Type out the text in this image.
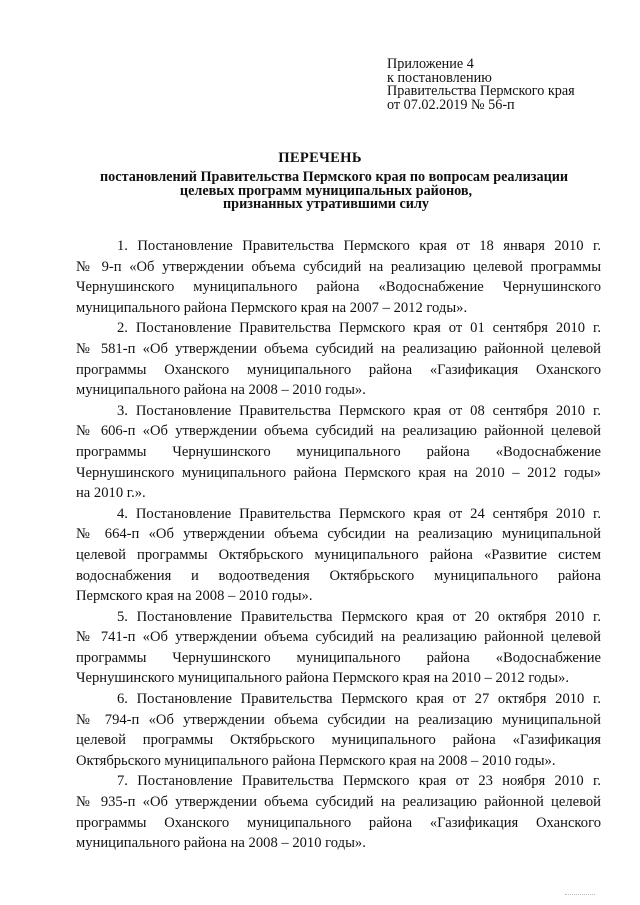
Приложение 4
к постановлению
Правительства Пермского края
от 07.02.2019 № 56-п
ПЕРЕЧЕНЬ
постановлений Правительства Пермского края по вопросам реализации
целевых программ муниципальных районов,
признанных утратившими силу
1. Постановление Правительства Пермского края от 18 января 2010 г.
№ 9-п «Об утверждении объема субсидий на реализацию целевой программы
Чернушинского муниципального района «Водоснабжение Чернушинского
муниципального района Пермского края на 2007 – 2012 годы».
2. Постановление Правительства Пермского края от 01 сентября 2010 г.
№ 581-п «Об утверждении объема субсидий на реализацию районной целевой
программы Оханского муниципального района «Газификация Оханского
муниципального района на 2008 – 2010 годы».
3. Постановление Правительства Пермского края от 08 сентября 2010 г.
№ 606-п «Об утверждении объема субсидий на реализацию районной целевой
программы Чернушинского муниципального района «Водоснабжение
Чернушинского муниципального района Пермского края на 2010 – 2012 годы»
на 2010 г.».
4. Постановление Правительства Пермского края от 24 сентября 2010 г.
№ 664-п «Об утверждении объема субсидии на реализацию муниципальной
целевой программы Октябрьского муниципального района «Развитие систем
водоснабжения и водоотведения Октябрьского муниципального района
Пермского края на 2008 – 2010 годы».
5. Постановление Правительства Пермского края от 20 октября 2010 г.
№ 741-п «Об утверждении объема субсидий на реализацию районной целевой
программы Чернушинского муниципального района «Водоснабжение
Чернушинского муниципального района Пермского края на 2010 – 2012 годы».
6. Постановление Правительства Пермского края от 27 октября 2010 г.
№ 794-п «Об утверждении объема субсидии на реализацию муниципальной
целевой программы Октябрьского муниципального района «Газификация
Октябрьского муниципального района Пермского края на 2008 – 2010 годы».
7. Постановление Правительства Пермского края от 23 ноября 2010 г.
№ 935-п «Об утверждении объема субсидий на реализацию районной целевой
программы Оханского муниципального района «Газификация Оханского
муниципального района на 2008 – 2010 годы».
